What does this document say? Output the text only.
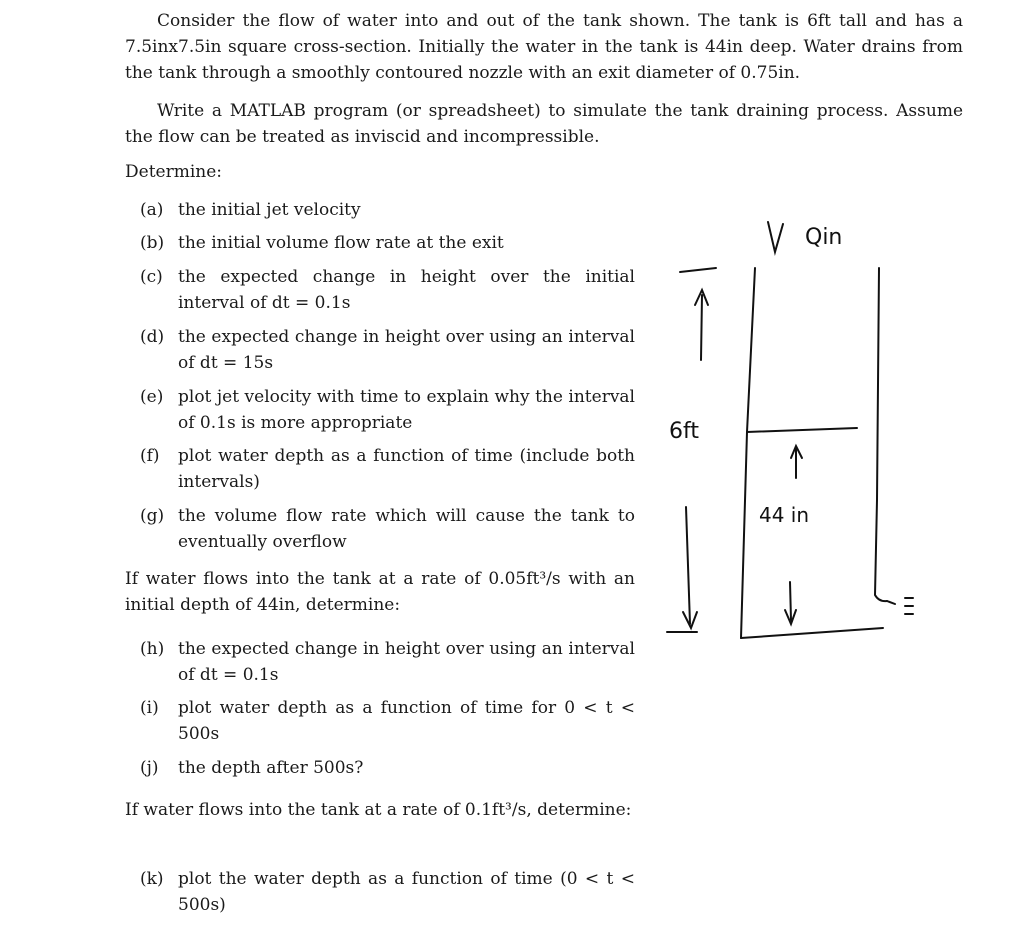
Consider the flow of water into and out of the tank shown. The tank is 6ft tall and has a 7.5inx7.5in square cross-section. Initially the water in the tank is 44in deep. Water drains from the tank through a smoothly contoured nozzle with an exit diameter of 0.75in.

Write a MATLAB program (or spreadsheet) to simulate the tank draining process. Assume the flow can be treated as inviscid and incompressible.

Determine:

(a) the initial jet velocity
(b) the initial volume flow rate at the exit
(c) the expected change in height over the initial interval of dt = 0.1s
(d) the expected change in height over using an interval of dt = 15s
(e) plot jet velocity with time to explain why the interval of 0.1s is more appropriate
(f)	plot water depth as a function of time (include both intervals)
(g) the volume flow rate which will cause the tank to eventually overflow

If water flows into the tank at a rate of 0.05ft³/s with an initial depth of 44in, determine:

(h) the expected change in height over using an interval of dt = 0.1s
(i)	plot water depth as a function of time for 0 < t < 500s
(j)	the depth after 500s?

If water flows into the tank at a rate of 0.1ft³/s, determine:

(k) plot the water depth as a function of time (0 < t < 500s)
Qin
6ft
44 in
